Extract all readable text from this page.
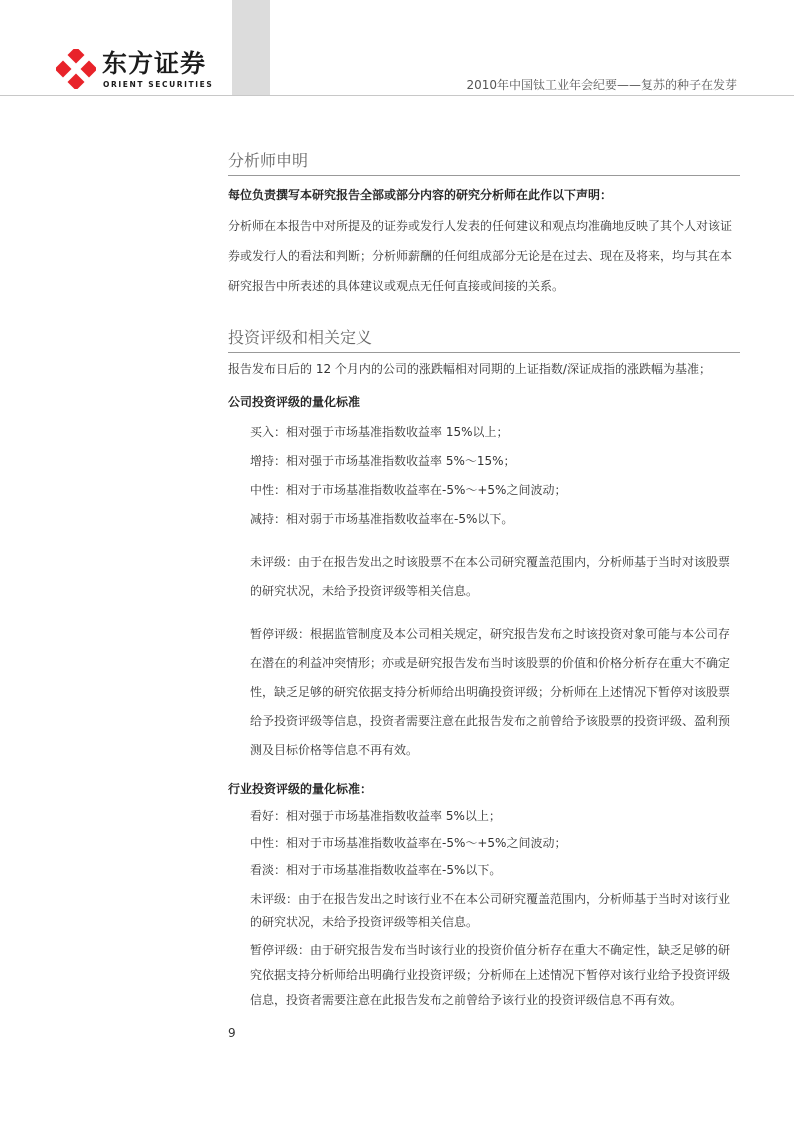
东方证券
ORIENT SECURITIES	2010年中国钛工业年会纪要——复苏的种子在发芽
分析师申明
每位负责撰写本研究报告全部或部分内容的研究分析师在此作以下声明：
分析师在本报告中对所提及的证券或发行人发表的任何建议和观点均准确地反映了其个人对该证券或发行人的看法和判断；分析师薪酬的任何组成部分无论是在过去、现在及将来，均与其在本研究报告中所表述的具体建议或观点无任何直接或间接的关系。
投资评级和相关定义
报告发布日后的 12 个月内的公司的涨跌幅相对同期的上证指数/深证成指的涨跌幅为基准；
公司投资评级的量化标准
买入：相对强于市场基准指数收益率 15%以上；
增持：相对强于市场基准指数收益率 5%～15%；
中性：相对于市场基准指数收益率在-5%～+5%之间波动；
减持：相对弱于市场基准指数收益率在-5%以下。
未评级：由于在报告发出之时该股票不在本公司研究覆盖范围内，分析师基于当时对该股票的研究状况，未给予投资评级等相关信息。
暂停评级：根据监管制度及本公司相关规定，研究报告发布之时该投资对象可能与本公司存在潜在的利益冲突情形；亦或是研究报告发布当时该股票的价值和价格分析存在重大不确定性，缺乏足够的研究依据支持分析师给出明确投资评级；分析师在上述情况下暂停对该股票给予投资评级等信息，投资者需要注意在此报告发布之前曾给予该股票的投资评级、盈利预测及目标价格等信息不再有效。
行业投资评级的量化标准：
看好：相对强于市场基准指数收益率 5%以上；
中性：相对于市场基准指数收益率在-5%～+5%之间波动；
看淡：相对于市场基准指数收益率在-5%以下。
未评级：由于在报告发出之时该行业不在本公司研究覆盖范围内，分析师基于当时对该行业的研究状况，未给予投资评级等相关信息。
暂停评级：由于研究报告发布当时该行业的投资价值分析存在重大不确定性，缺乏足够的研究依据支持分析师给出明确行业投资评级；分析师在上述情况下暂停对该行业给予投资评级信息，投资者需要注意在此报告发布之前曾给予该行业的投资评级信息不再有效。
9
